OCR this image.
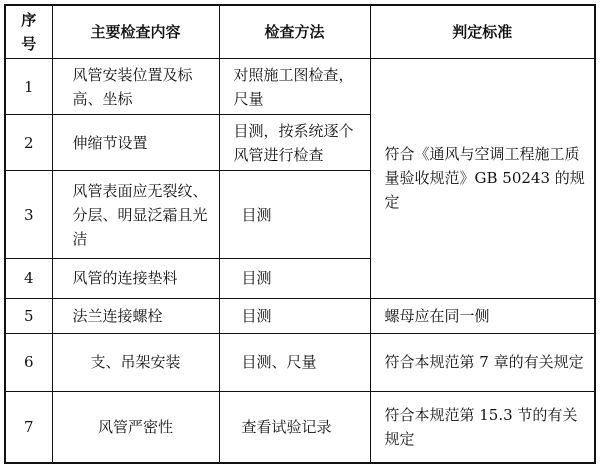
序号	主要检查内容	检查方法	判定标准
1	风管安装位置及标高、坐标	对照施工图检查，尺量	符合《通风与空调工程施工质量验收规范》GB 50243 的规定
2	伸缩节设置	目测，按系统逐个风管进行检查	
3	风管表面应无裂纹、分层、明显泛霜且光洁	目测	
4	风管的连接垫料	目测	
5	法兰连接螺栓	目测	螺母应在同一侧
6	支、吊架安装	目测、尺量	符合本规范第 7 章的有关规定
7	风管严密性	查看试验记录	符合本规范第 15.3 节的有关规定
